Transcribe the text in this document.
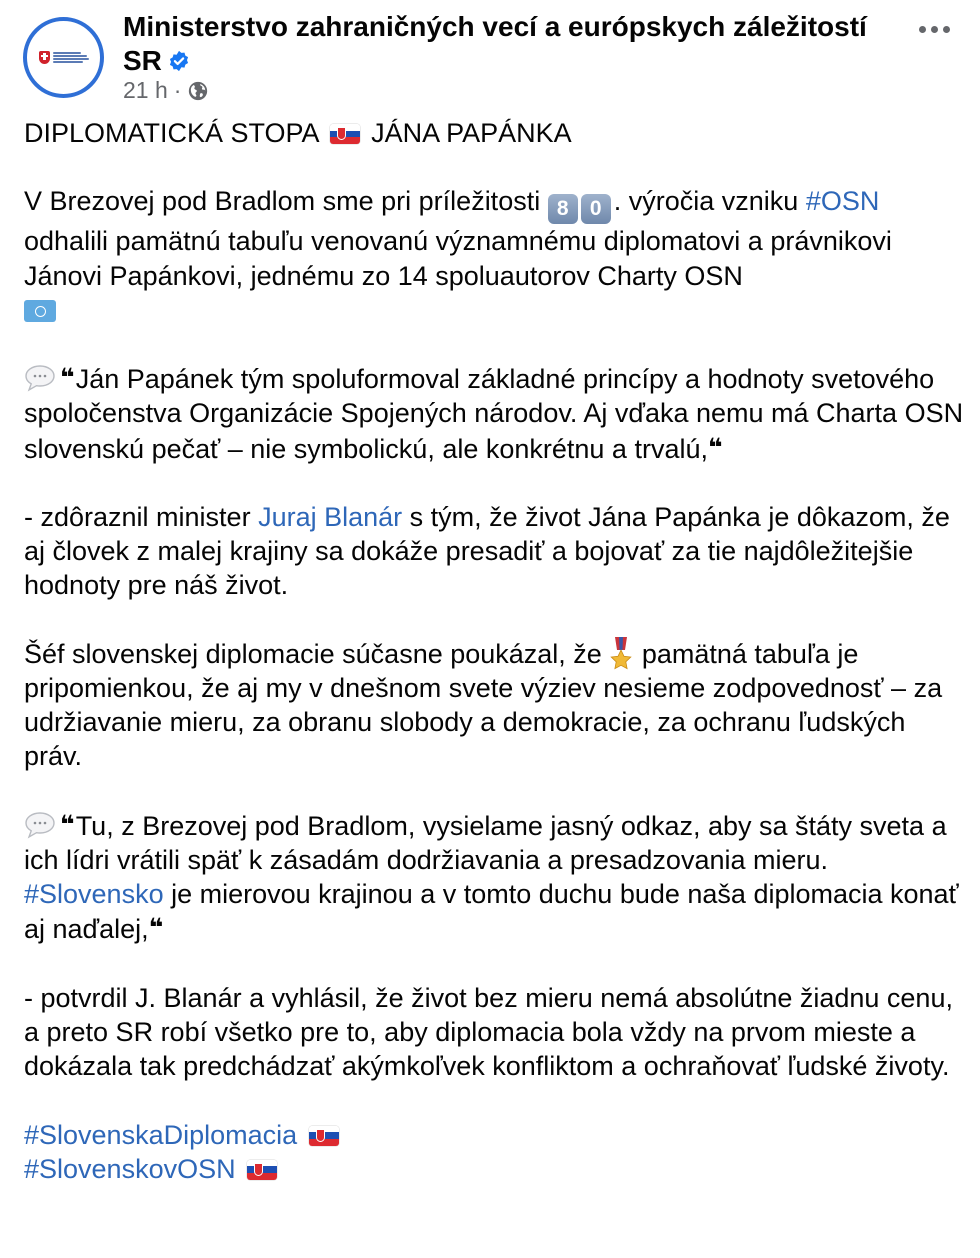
Ministerstvo zahraničných vecí a európskych záležitostí SR
21 h ·
DIPLOMATICKÁ STOPA JÁNA PAPÁNKA
V Brezovej pod Bradlom sme pri príležitosti 8 0 . výročia vzniku #OSN odhalili pamätnú tabuľu venovanú významnému diplomatovi a právnikovi Jánovi Papánkovi, jednému zo 14 spoluautorov Charty OSN

❝ Ján Papánek tým spoluformoval základné princípy a hodnoty svetového spoločenstva Organizácie Spojených národov. Aj vďaka nemu má Charta OSN slovenskú pečať – nie symbolickú, ale konkrétnu a trvalú,❝
- zdôraznil minister Juraj Blanár s tým, že život Jána Papánka je dôkazom, že aj človek z malej krajiny sa dokáže presadiť a bojovať za tie najdôležitejšie hodnoty pre náš život.
Šéf slovenskej diplomacie súčasne poukázal, že pamätná tabuľa je pripomienkou, že aj my v dnešnom svete výziev nesieme zodpovednosť – za udržiavanie mieru, za obranu slobody a demokracie, za ochranu ľudských práv.
❝ Tu, z Brezovej pod Bradlom, vysielame jasný odkaz, aby sa štáty sveta a ich lídri vrátili späť k zásadám dodržiavania a presadzovania mieru. #Slovensko je mierovou krajinou a v tomto duchu bude naša diplomacia konať aj naďalej,❝
- potvrdil J. Blanár a vyhlásil, že život bez mieru nemá absolútne žiadnu cenu, a preto SR robí všetko pre to, aby diplomacia bola vždy na prvom mieste a dokázala tak predchádzať akýmkoľvek konfliktom a ochraňovať ľudské životy.
#SlovenskaDiplomacia
#SlovenskovOSN
